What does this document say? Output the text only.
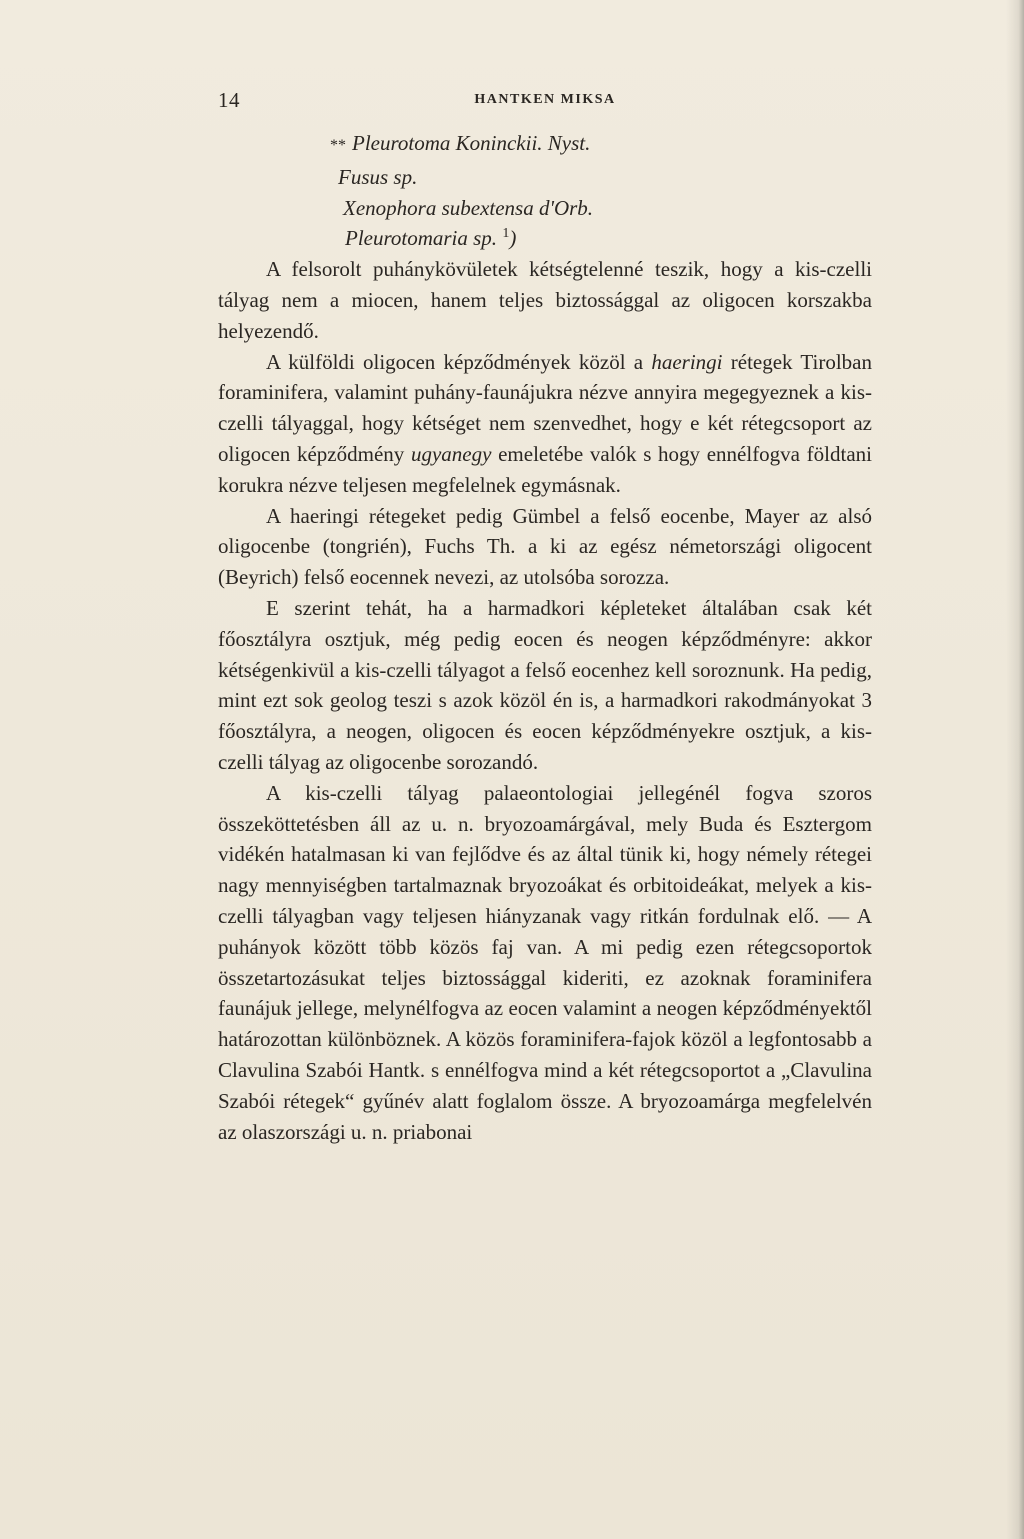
14	HANTKEN MIKSA

** Pleurotoma Koninckii. Nyst.

Fusus sp.

Xenophora subextensa d'Orb.

Pleurotomaria sp. $^1$)

A felsorolt puhánykövületek kétségtelenné teszik, hogy a kis-czelli tályag nem a miocen, hanem teljes biztossággal az oligocen korszakba helyezendő.

A külföldi oligocen képződmények közöl a haeringi rétegek Tirolban foraminifera, valamint puhány-faunájukra nézve annyira megegyeznek a kis-czelli tályaggal, hogy kétséget nem szenvedhet, hogy e két rétegcsoport az oligocen képződmény ugyanegy emeletébe valók s hogy ennélfogva földtani korukra nézve teljesen megfelelnek egymásnak.

A haeringi rétegeket pedig Gümbel a felső eocenbe, Mayer az alsó oligocenbe (tongrién), Fuchs Th. a ki az egész németországi oligocent (Beyrich) felső eocennek nevezi, az utolsóba sorozza.

E szerint tehát, ha a harmadkori képleteket általában csak két főosztályra osztjuk, még pedig eocen és neogen képződményre: akkor kétségenkivül a kis-czelli tályagot a felső eocenhez kell soroznunk. Ha pedig, mint ezt sok geolog teszi s azok közöl én is, a harmadkori rakodmányokat 3 főosztályra, a neogen, oligocen és eocen képződményekre osztjuk, a kis-czelli tályag az oligocenbe sorozandó.

A kis-czelli tályag palaeontologiai jellegénél fogva szoros összeköttetésben áll az u. n. bryozoamárgával, mely Buda és Esztergom vidékén hatalmasan ki van fejlődve és az által tünik ki, hogy némely rétegei nagy mennyiségben tartalmaznak bryozoákat és orbitoideákat, melyek a kis-czelli tályagban vagy teljesen hiányzanak vagy ritkán fordulnak elő. — A puhányok között több közös faj van. A mi pedig ezen rétegcsoportok összetartozásukat teljes biztossággal kideriti, ez azoknak foraminifera faunájuk jellege, melynélfogva az eocen valamint a neogen képződményektől határozottan különböznek. A közös foraminifera-fajok közöl a legfontosabb a Clavulina Szabói Hantk. s ennélfogva mind a két rétegcsoportot a „Clavulina Szabói rétegek“ gyűnév alatt foglalom össze. A bryozoamárga megfelelvén az olaszországi u. n. priabonai
